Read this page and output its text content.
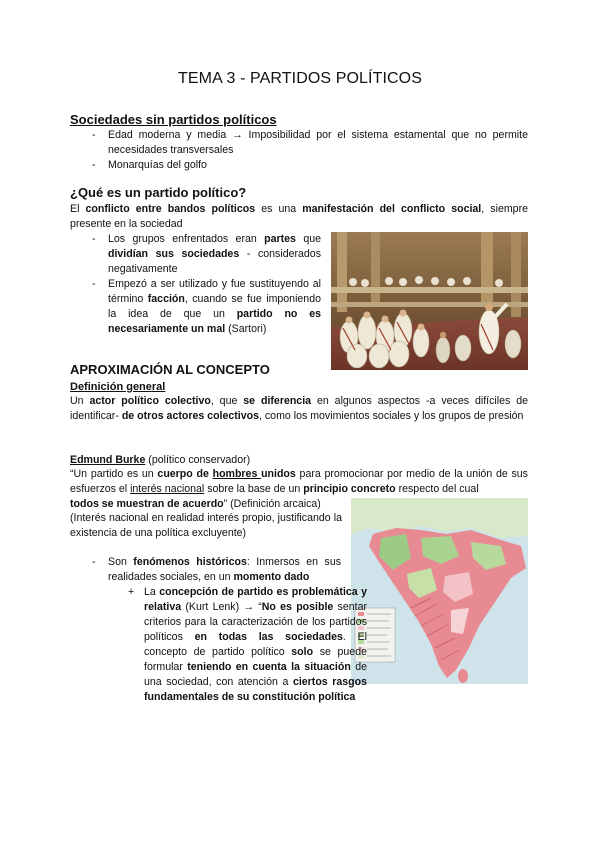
TEMA 3 - PARTIDOS POLÍTICOS
Sociedades sin partidos políticos
- Edad moderna y media → Imposibilidad por el sistema estamental que no permite necesidades transversales
- Monarquías del golfo
¿Qué es un partido político?
El conflicto entre bandos políticos es una manifestación del conflicto social, siempre presente en la sociedad
- Los grupos enfrentados eran partes que dividían sus sociedades - considerados negativamente
- Empezó a ser utilizado y fue sustituyendo al término facción, cuando se fue imponiendo la idea de que un partido no es necesariamente un mal (Sartori)
APROXIMACIÓN AL CONCEPTO
Definición general
Un actor político colectivo, que se diferencia en algunos aspectos -a veces difíciles de identificar- de otros actores colectivos, como los movimientos sociales y los grupos de presión
Edmund Burke (político conservador)
“Un partido es un cuerpo de hombres unidos para promocionar por medio de la unión de sus esfuerzos el interés nacional sobre la base de un principio concreto respecto del cual
todos se muestran de acuerdo” (Definición arcaica)
(Interés nacional en realidad interés propio, justificando la existencia de una política excluyente)
- Son fenómenos históricos: Inmersos en sus realidades sociales, en un momento dado
+ La concepción de partido es problemática y relativa (Kurt Lenk) → “No es posible sentar criterios para la caracterización de los partidos políticos en todas las sociedades. El concepto de partido político solo se puede formular teniendo en cuenta la situación de una sociedad, con atención a ciertos rasgos fundamentales de su constitución política
